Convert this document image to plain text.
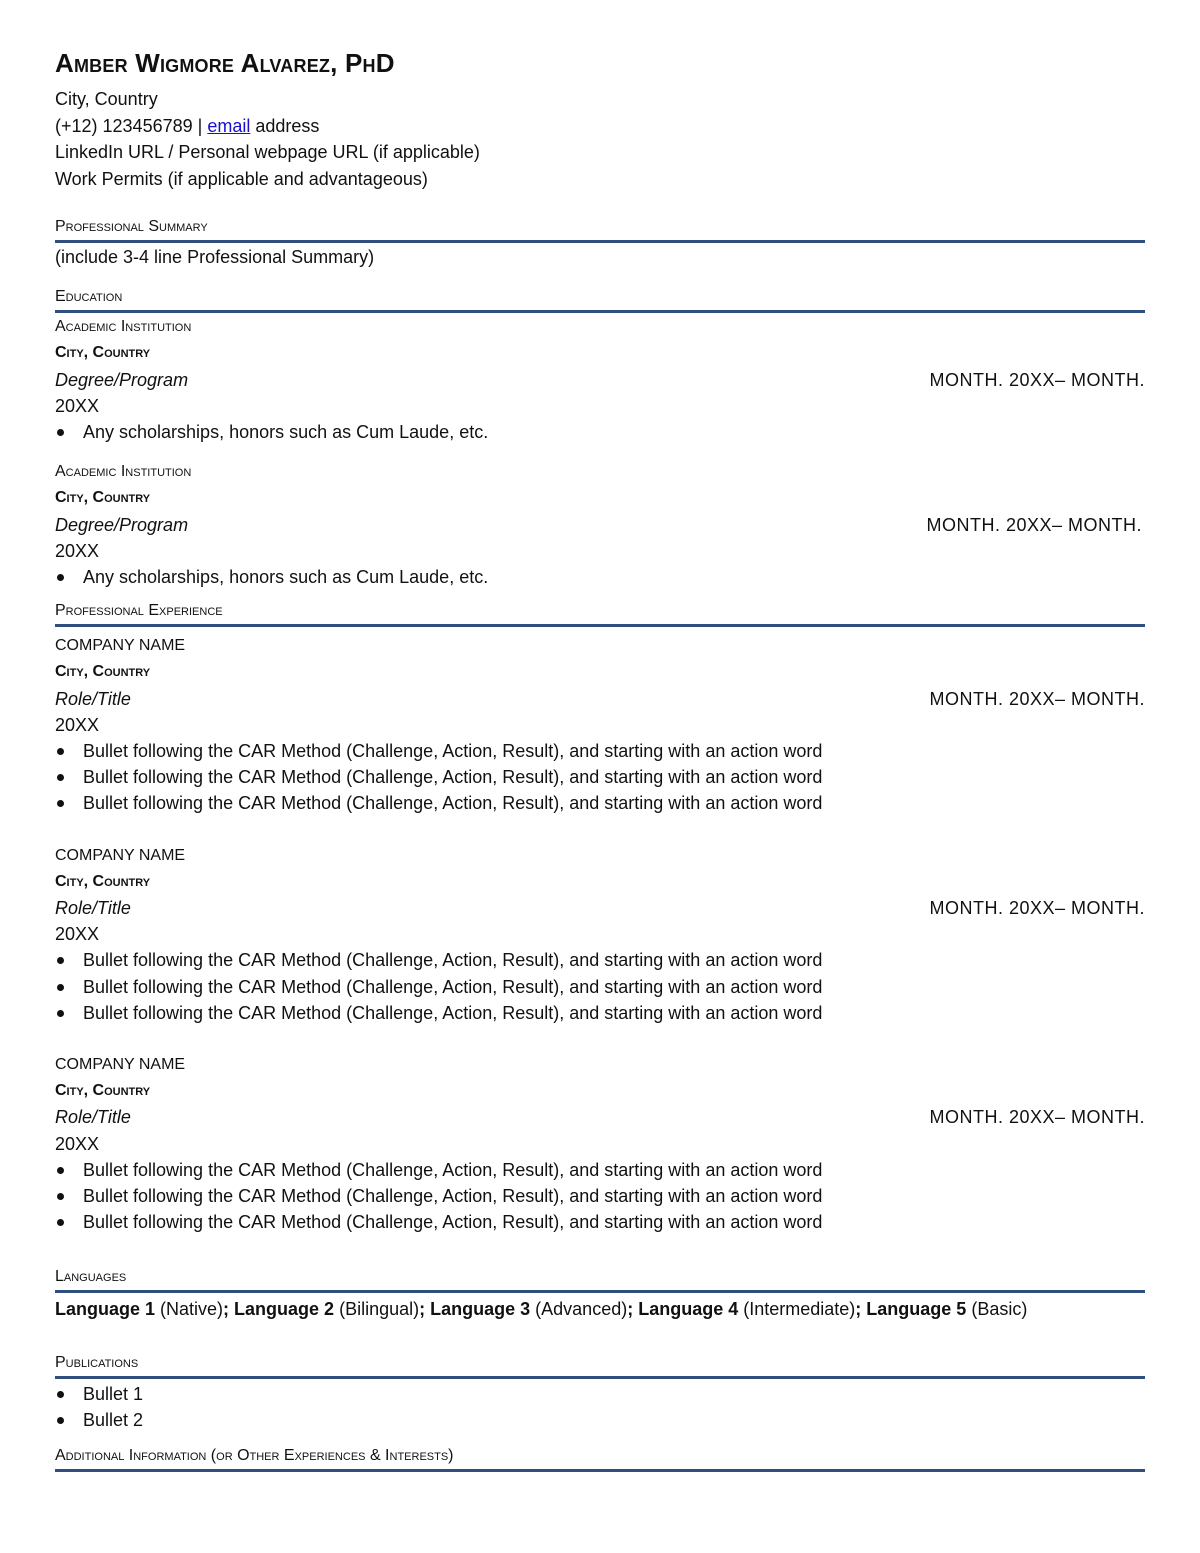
Amber Wigmore Alvarez, PhD
City, Country
(+12) 123456789 | email address
LinkedIn URL / Personal webpage URL (if applicable)
Work Permits (if applicable and advantageous)
Professional Summary
(include 3-4 line Professional Summary)
Education
Academic Institution
City, Country
Degree/Program	MONTH. 20XX– MONTH.
20XX
Any scholarships, honors such as Cum Laude, etc.
Academic Institution
City, Country
Degree/Program	MONTH. 20XX– MONTH.
20XX
Any scholarships, honors such as Cum Laude, etc.
Professional Experience
COMPANY NAME
City, Country
Role/Title	MONTH. 20XX– MONTH.
20XX
Bullet following the CAR Method (Challenge, Action, Result), and starting with an action word
Bullet following the CAR Method (Challenge, Action, Result), and starting with an action word
Bullet following the CAR Method (Challenge, Action, Result), and starting with an action word
COMPANY NAME
City, Country
Role/Title	MONTH. 20XX– MONTH.
20XX
Bullet following the CAR Method (Challenge, Action, Result), and starting with an action word
Bullet following the CAR Method (Challenge, Action, Result), and starting with an action word
Bullet following the CAR Method (Challenge, Action, Result), and starting with an action word
COMPANY NAME
City, Country
Role/Title	MONTH. 20XX– MONTH.
20XX
Bullet following the CAR Method (Challenge, Action, Result), and starting with an action word
Bullet following the CAR Method (Challenge, Action, Result), and starting with an action word
Bullet following the CAR Method (Challenge, Action, Result), and starting with an action word
Languages
Language 1 (Native); Language 2 (Bilingual); Language 3 (Advanced); Language 4 (Intermediate); Language 5 (Basic)
Publications
Bullet 1
Bullet 2
Additional Information (or Other Experiences & Interests)
